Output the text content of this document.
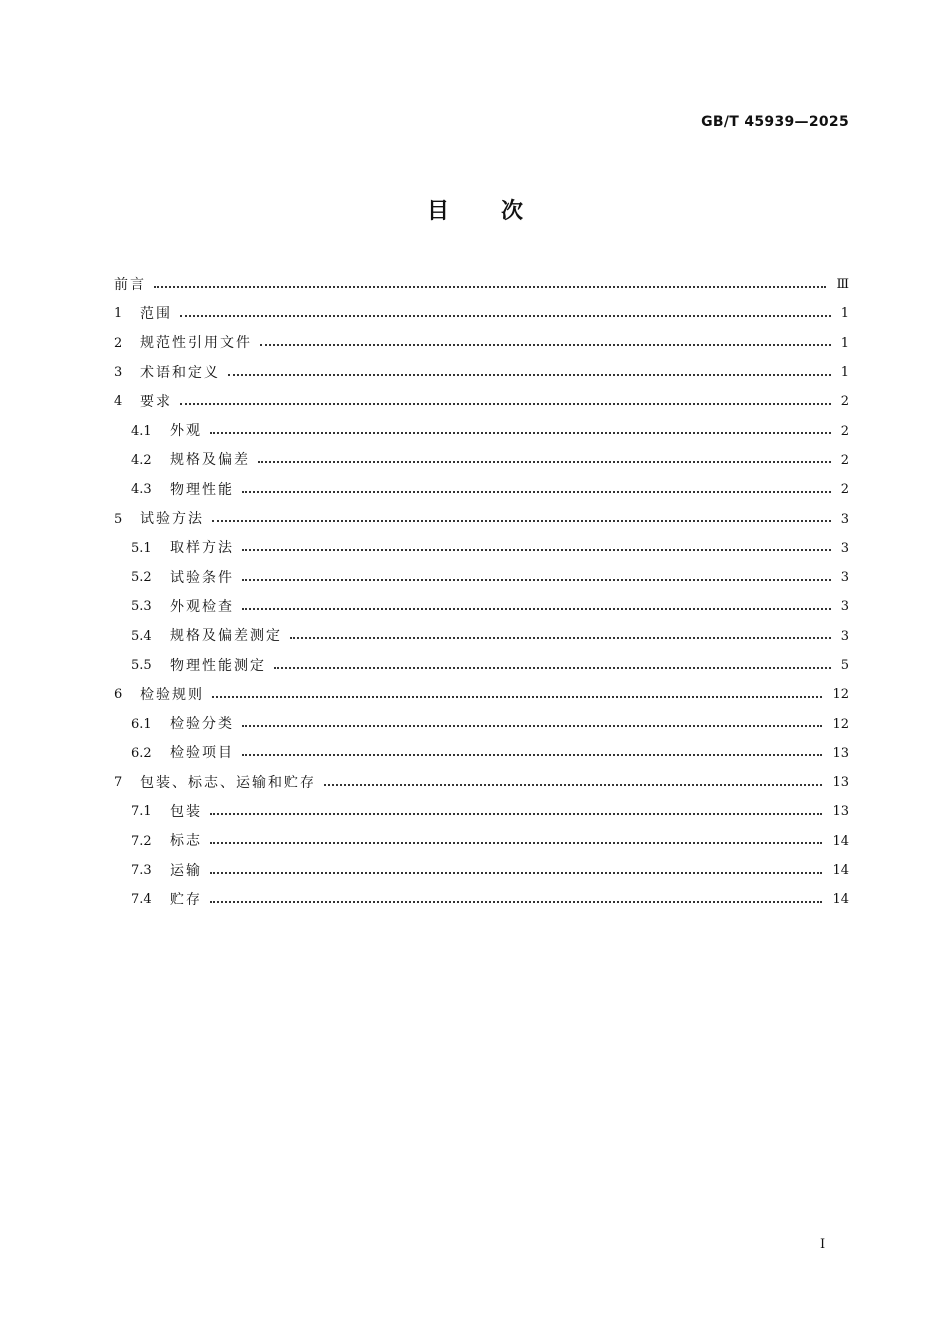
GB/T 45939—2025
目 次
前言	Ⅲ
1	范围	1
2	规范性引用文件	1
3	术语和定义	1
4	要求	2
4.1	外观	2
4.2	规格及偏差	2
4.3	物理性能	2
5	试验方法	3
5.1	取样方法	3
5.2	试验条件	3
5.3	外观检查	3
5.4	规格及偏差测定	3
5.5	物理性能测定	5
6	检验规则	12
6.1	检验分类	12
6.2	检验项目	13
7	包装、标志、运输和贮存	13
7.1	包装	13
7.2	标志	14
7.3	运输	14
7.4	贮存	14
I
